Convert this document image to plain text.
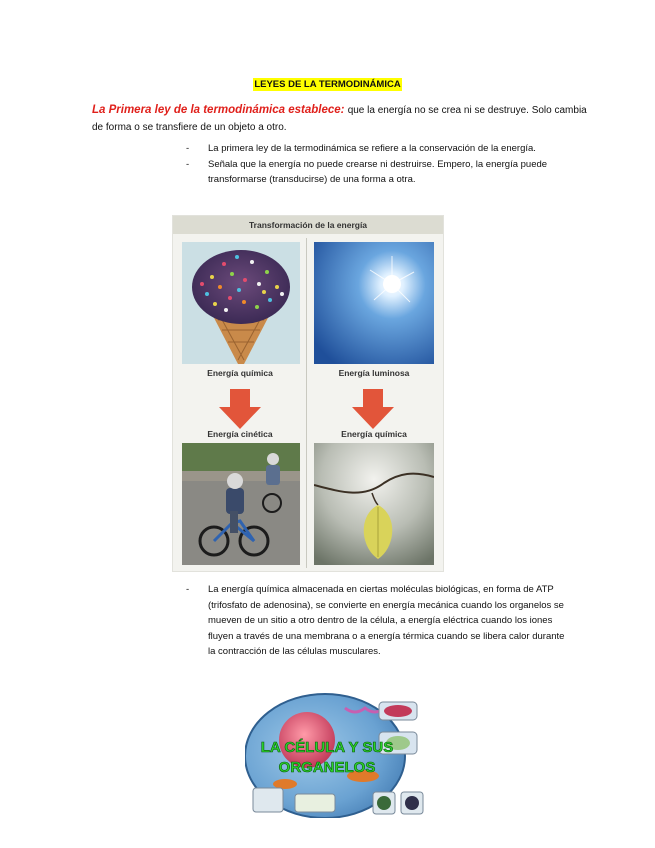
LEYES DE LA TERMODINÁMICA
La Primera ley de la termodinámica establece: que la energía no se crea ni se destruye. Solo cambia de forma o se transfiere de un objeto a otro.
- La primera ley de la termodinámica se refiere a la conservación de la energía.
- Señala que la energía no puede crearse ni destruirse. Empero, la energía puede transformarse (transducirse) de una forma a otra.
Transformación de la energía
Energía química	Energía luminosa
Energía cinética	Energía química
- La energía química almacenada en ciertas moléculas biológicas, en forma de ATP (trifosfato de adenosina), se convierte en energía mecánica cuando los organelos se mueven de un sitio a otro dentro de la célula, a energía eléctrica cuando los iones fluyen a través de una membrana o a energía térmica cuando se libera calor durante la contracción de las células musculares.
LA CÉLULA Y SUS
ORGANELOS
